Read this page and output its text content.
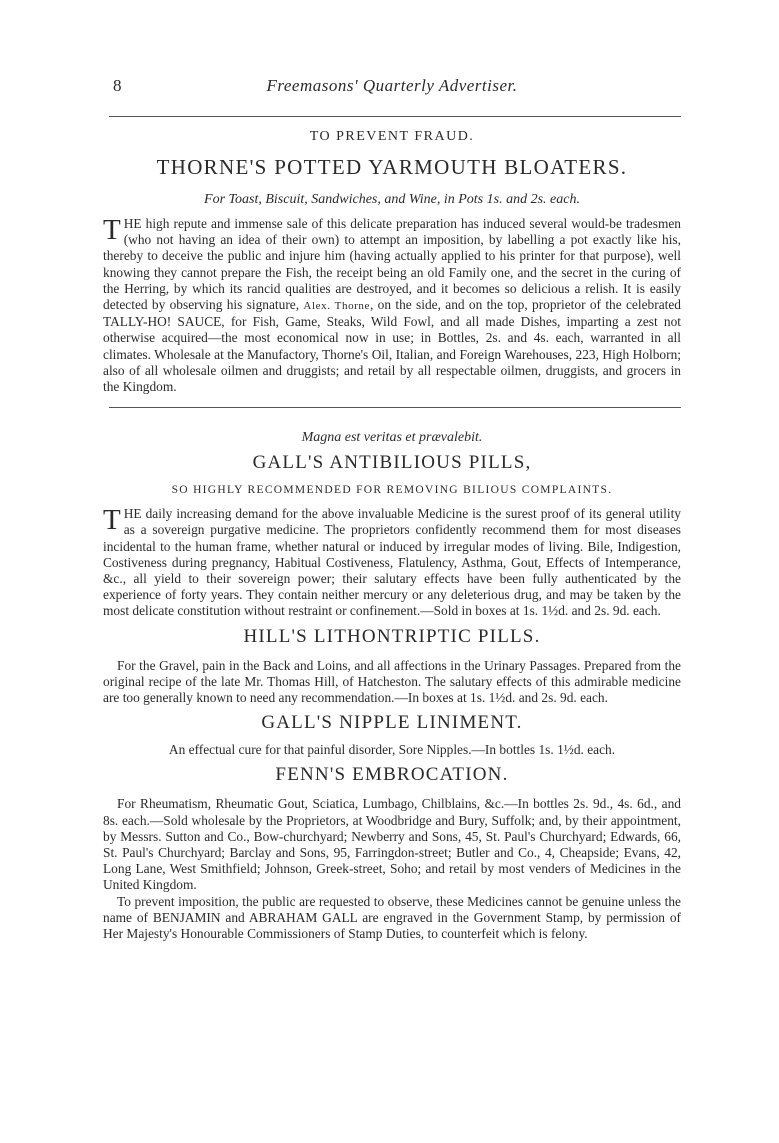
8	Freemasons' Quarterly Advertiser.
TO PREVENT FRAUD.
THORNE'S POTTED YARMOUTH BLOATERS.
For Toast, Biscuit, Sandwiches, and Wine, in Pots 1s. and 2s. each.

THE high repute and immense sale of this delicate preparation has induced several would-be tradesmen (who not having an idea of their own) to attempt an imposition, by labelling a pot exactly like his, thereby to deceive the public and injure him (having actually applied to his printer for that purpose), well knowing they cannot prepare the Fish, the receipt being an old Family one, and the secret in the curing of the Herring, by which its rancid qualities are destroyed, and it becomes so delicious a relish. It is easily detected by observing his signature, Alex. Thorne, on the side, and on the top, proprietor of the celebrated TALLY-HO! SAUCE, for Fish, Game, Steaks, Wild Fowl, and all made Dishes, imparting a zest not otherwise acquired—the most economical now in use; in Bottles, 2s. and 4s. each, warranted in all climates. Wholesale at the Manufactory, Thorne's Oil, Italian, and Foreign Warehouses, 223, High Holborn; also of all wholesale oilmen and druggists; and retail by all respectable oilmen, druggists, and grocers in the Kingdom.

Magna est veritas et prævalebit.
GALL'S ANTIBILIOUS PILLS,
SO HIGHLY RECOMMENDED FOR REMOVING BILIOUS COMPLAINTS.

THE daily increasing demand for the above invaluable Medicine is the surest proof of its general utility as a sovereign purgative medicine. The proprietors confidently recommend them for most diseases incidental to the human frame, whether natural or induced by irregular modes of living. Bile, Indigestion, Costiveness during pregnancy, Habitual Costiveness, Flatulency, Asthma, Gout, Effects of Intemperance, &c., all yield to their sovereign power; their salutary effects have been fully authenticated by the experience of forty years. They contain neither mercury or any deleterious drug, and may be taken by the most delicate constitution without restraint or confinement.—Sold in boxes at 1s. 1½d. and 2s. 9d. each.

HILL'S LITHONTRIPTIC PILLS.

For the Gravel, pain in the Back and Loins, and all affections in the Urinary Passages. Prepared from the original recipe of the late Mr. Thomas Hill, of Hatcheston. The salutary effects of this admirable medicine are too generally known to need any recommendation.—In boxes at 1s. 1½d. and 2s. 9d. each.

GALL'S NIPPLE LINIMENT.

An effectual cure for that painful disorder, Sore Nipples.—In bottles 1s. 1½d. each.

FENN'S EMBROCATION.

For Rheumatism, Rheumatic Gout, Sciatica, Lumbago, Chilblains, &c.—In bottles 2s. 9d., 4s. 6d., and 8s. each.—Sold wholesale by the Proprietors, at Woodbridge and Bury, Suffolk; and, by their appointment, by Messrs. Sutton and Co., Bow-churchyard; Newberry and Sons, 45, St. Paul's Churchyard; Edwards, 66, St. Paul's Churchyard; Barclay and Sons, 95, Farringdon-street; Butler and Co., 4, Cheapside; Evans, 42, Long Lane, West Smithfield; Johnson, Greek-street, Soho; and retail by most venders of Medicines in the United Kingdom.

To prevent imposition, the public are requested to observe, these Medicines cannot be genuine unless the name of BENJAMIN and ABRAHAM GALL are engraved in the Government Stamp, by permission of Her Majesty's Honourable Commissioners of Stamp Duties, to counterfeit which is felony.
